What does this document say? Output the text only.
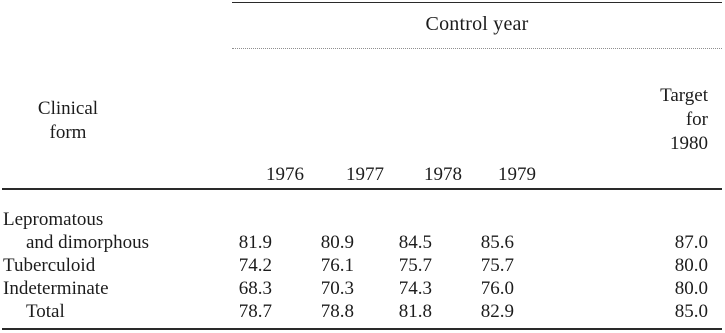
Control year
Clinical
form
1976	1977	1978	1979
Target
for
1980
Lepromatous
and dimorphous	81.9	80.9	84.5	85.6	87.0
Tuberculoid	74.2	76.1	75.7	75.7	80.0
Indeterminate	68.3	70.3	74.3	76.0	80.0
Total	78.7	78.8	81.8	82.9	85.0
